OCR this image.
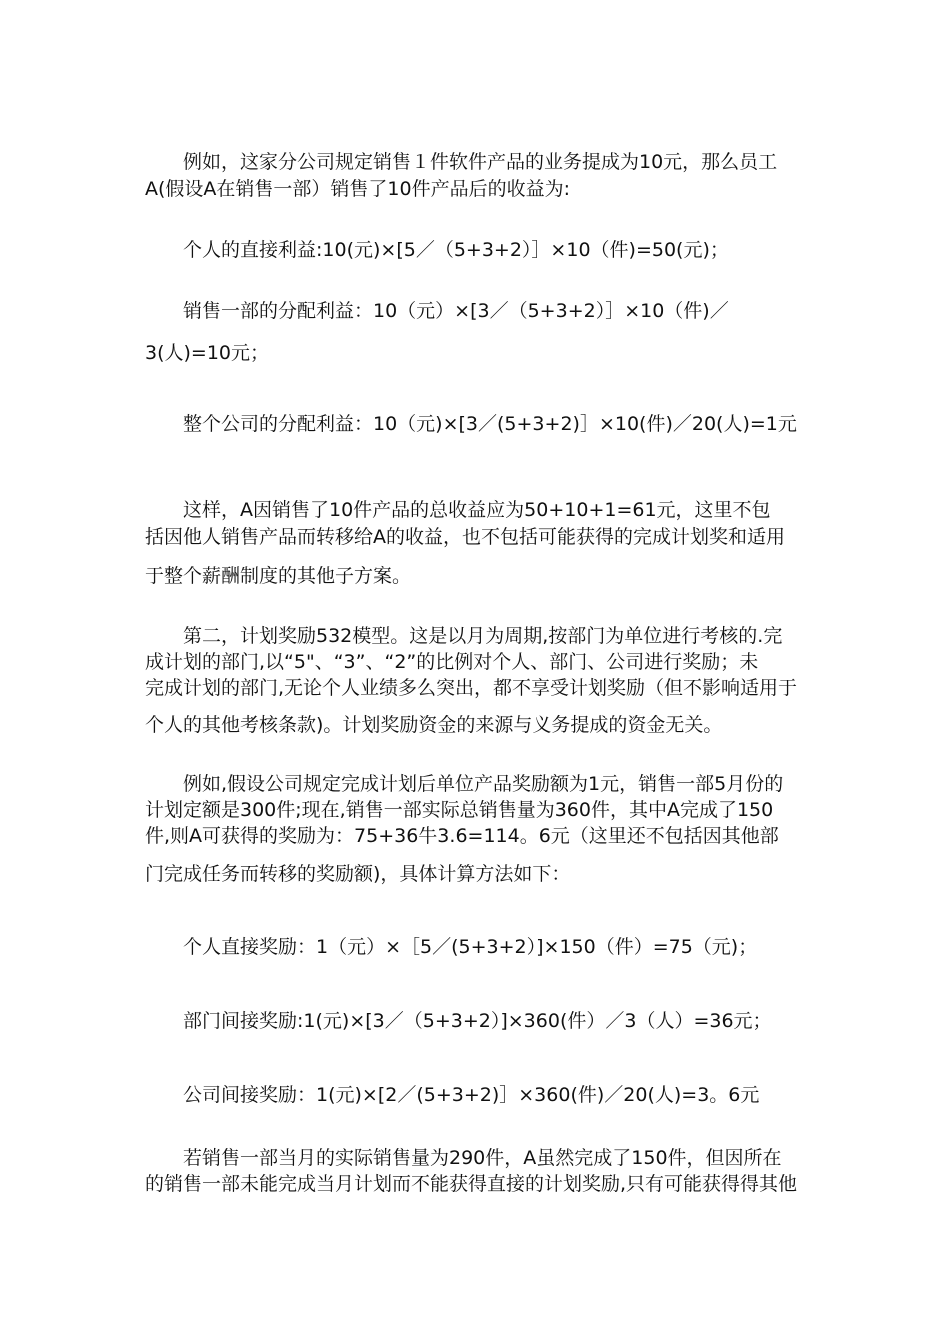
例如，这家分公司规定销售１件软件产品的业务提成为10元，那么员工
A(假设A在销售一部）销售了10件产品后的收益为:
个人的直接利益:10(元)×[5／（5+3+2）］×10（件)=50(元)；
销售一部的分配利益：10（元）×[3／（5+3+2）］×10（件)／
3(人)=10元；
整个公司的分配利益：10（元)×[3／(5+3+2)］×10(件)／20(人)=1元
这样，A因销售了10件产品的总收益应为50+10+1=61元，这里不包
括因他人销售产品而转移给A的收益，也不包括可能获得的完成计划奖和适用
于整个薪酬制度的其他子方案。
第二，计划奖励532模型。这是以月为周期,按部门为单位进行考核的.完
成计划的部门,以“5"、“3”、“2”的比例对个人、部门、公司进行奖励；未
完成计划的部门,无论个人业绩多么突出，都不享受计划奖励（但不影响适用于
个人的其他考核条款)。计划奖励资金的来源与义务提成的资金无关。
例如,假设公司规定完成计划后单位产品奖励额为1元，销售一部5月份的
计划定额是300件;现在,销售一部实际总销售量为360件，其中A完成了150
件,则A可获得的奖励为：75+36牛3.6=114。6元（这里还不包括因其他部
门完成任务而转移的奖励额)，具体计算方法如下：
个人直接奖励：1（元）×［5／(5+3+2）]×150（件）=75（元)；
部门间接奖励:1(元)×[3／（5+3+2）]×360(件）／3（人）=36元；
公司间接奖励：1(元)×[2／(5+3+2)］×360(件)／20(人)=3。6元
若销售一部当月的实际销售量为290件，A虽然完成了150件，但因所在
的销售一部未能完成当月计划而不能获得直接的计划奖励,只有可能获得得其他
